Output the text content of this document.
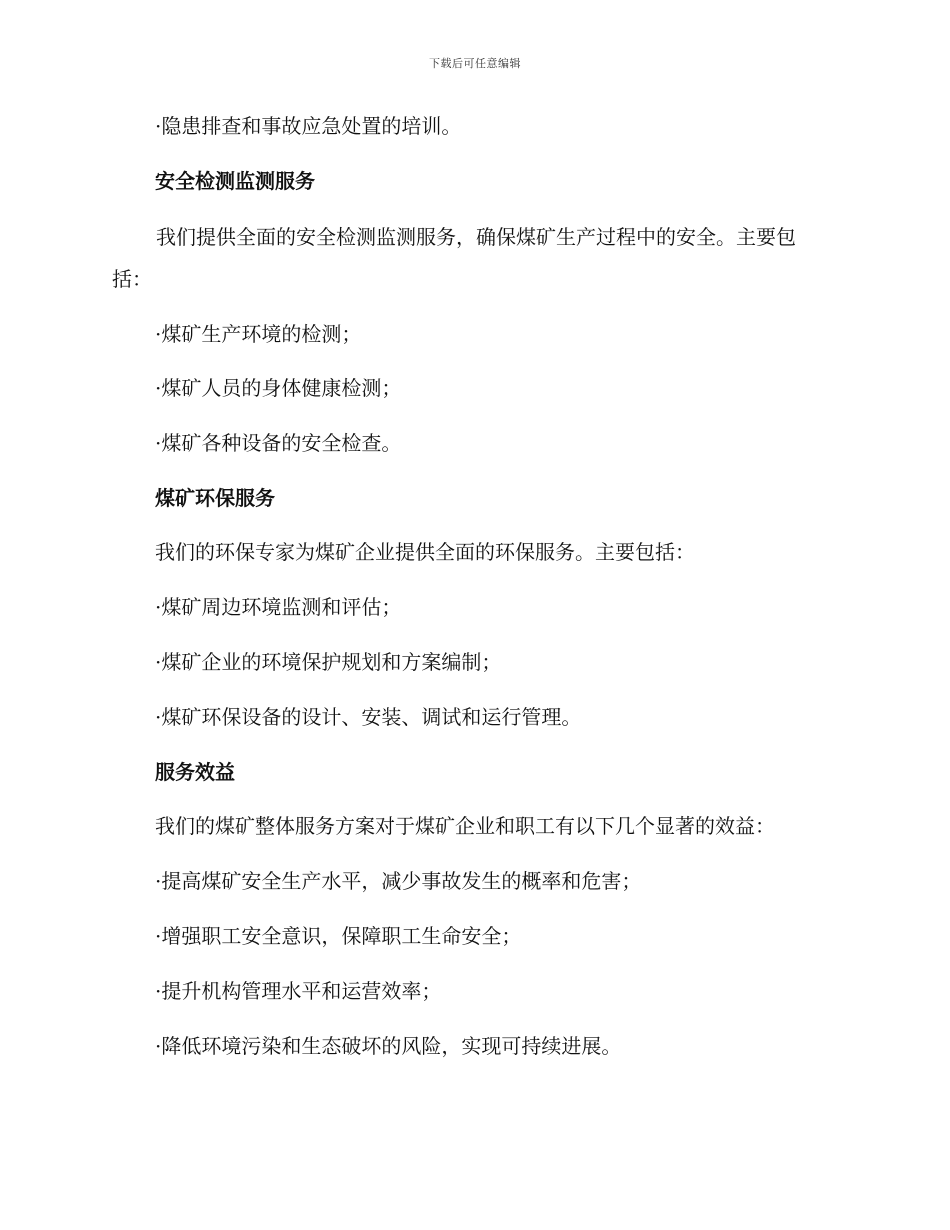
下载后可任意编辑
·隐患排查和事故应急处置的培训。
安全检测监测服务
我们提供全面的安全检测监测服务，确保煤矿生产过程中的安全。主要包括：
·煤矿生产环境的检测；
·煤矿人员的身体健康检测；
·煤矿各种设备的安全检查。
煤矿环保服务
我们的环保专家为煤矿企业提供全面的环保服务。主要包括：
·煤矿周边环境监测和评估；
·煤矿企业的环境保护规划和方案编制；
·煤矿环保设备的设计、安装、调试和运行管理。
服务效益
我们的煤矿整体服务方案对于煤矿企业和职工有以下几个显著的效益：
·提高煤矿安全生产水平，减少事故发生的概率和危害；
·增强职工安全意识，保障职工生命安全；
·提升机构管理水平和运营效率；
·降低环境污染和生态破坏的风险，实现可持续进展。
